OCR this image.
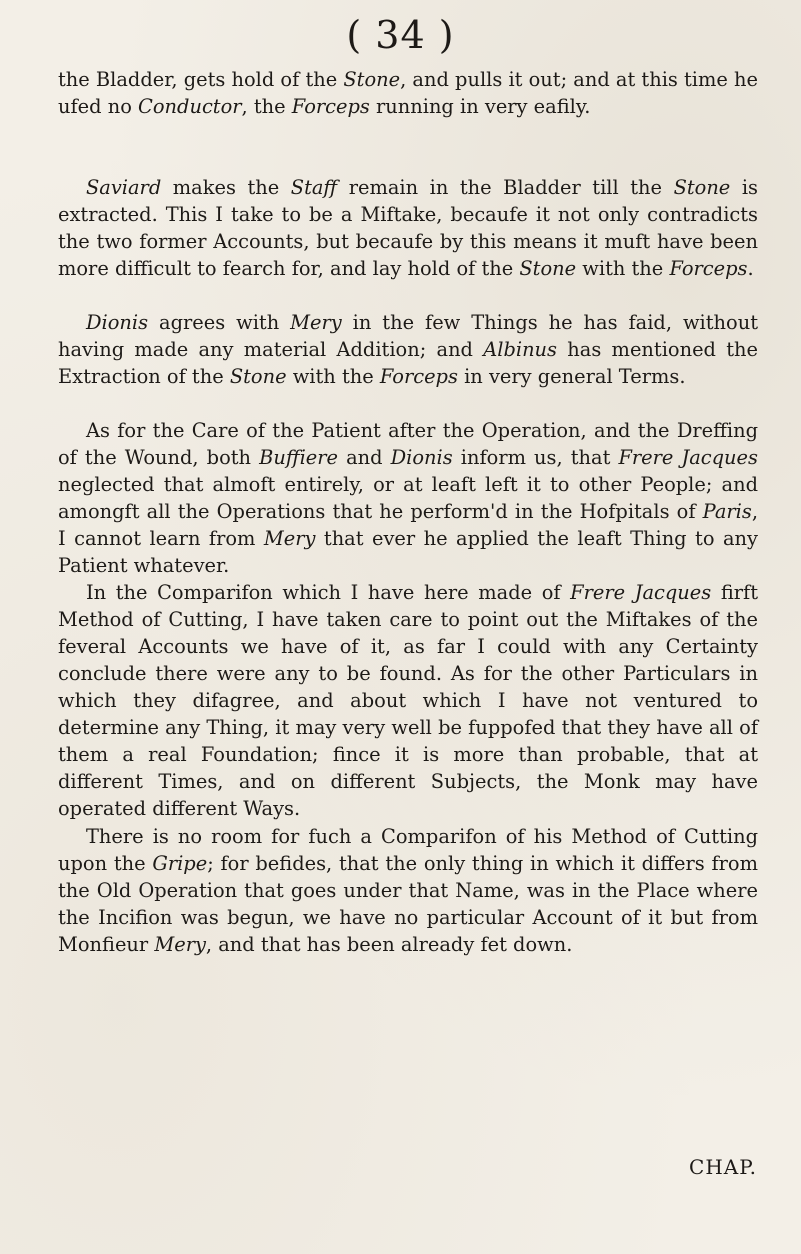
( 34 )

the Bladder, gets hold of the Stone, and pulls it out; and at this time he ufed no Conductor, the Forceps running in very eafily.

Saviard makes the Staff remain in the Bladder till the Stone is extracted. This I take to be a Miftake, becaufe it not only contradicts the two former Accounts, but becaufe by this means it muft have been more difficult to fearch for, and lay hold of the Stone with the Forceps.

Dionis agrees with Mery in the few Things he has faid, without having made any material Addition; and Albinus has mentioned the Extraction of the Stone with the Forceps in very general Terms.

As for the Care of the Patient after the Operation, and the Dreffing of the Wound, both Buffiere and Dionis inform us, that Frere Jacques neglected that almoft entirely, or at leaft left it to other People; and amongft all the Operations that he perform'd in the Hofpitals of Paris, I cannot learn from Mery that ever he applied the leaft Thing to any Patient whatever.

In the Comparifon which I have here made of Frere Jacques firft Method of Cutting, I have taken care to point out the Miftakes of the feveral Accounts we have of it, as far I could with any Certainty conclude there were any to be found. As for the other Particulars in which they difagree, and about which I have not ventured to determine any Thing, it may very well be fuppofed that they have all of them a real Foundation; fince it is more than probable, that at different Times, and on different Subjects, the Monk may have operated different Ways.

There is no room for fuch a Comparifon of his Method of Cutting upon the Gripe; for befides, that the only thing in which it differs from the Old Operation that goes under that Name, was in the Place where the Incifion was begun, we have no particular Account of it but from Monfieur Mery, and that has been already fet down.

CHAP.
